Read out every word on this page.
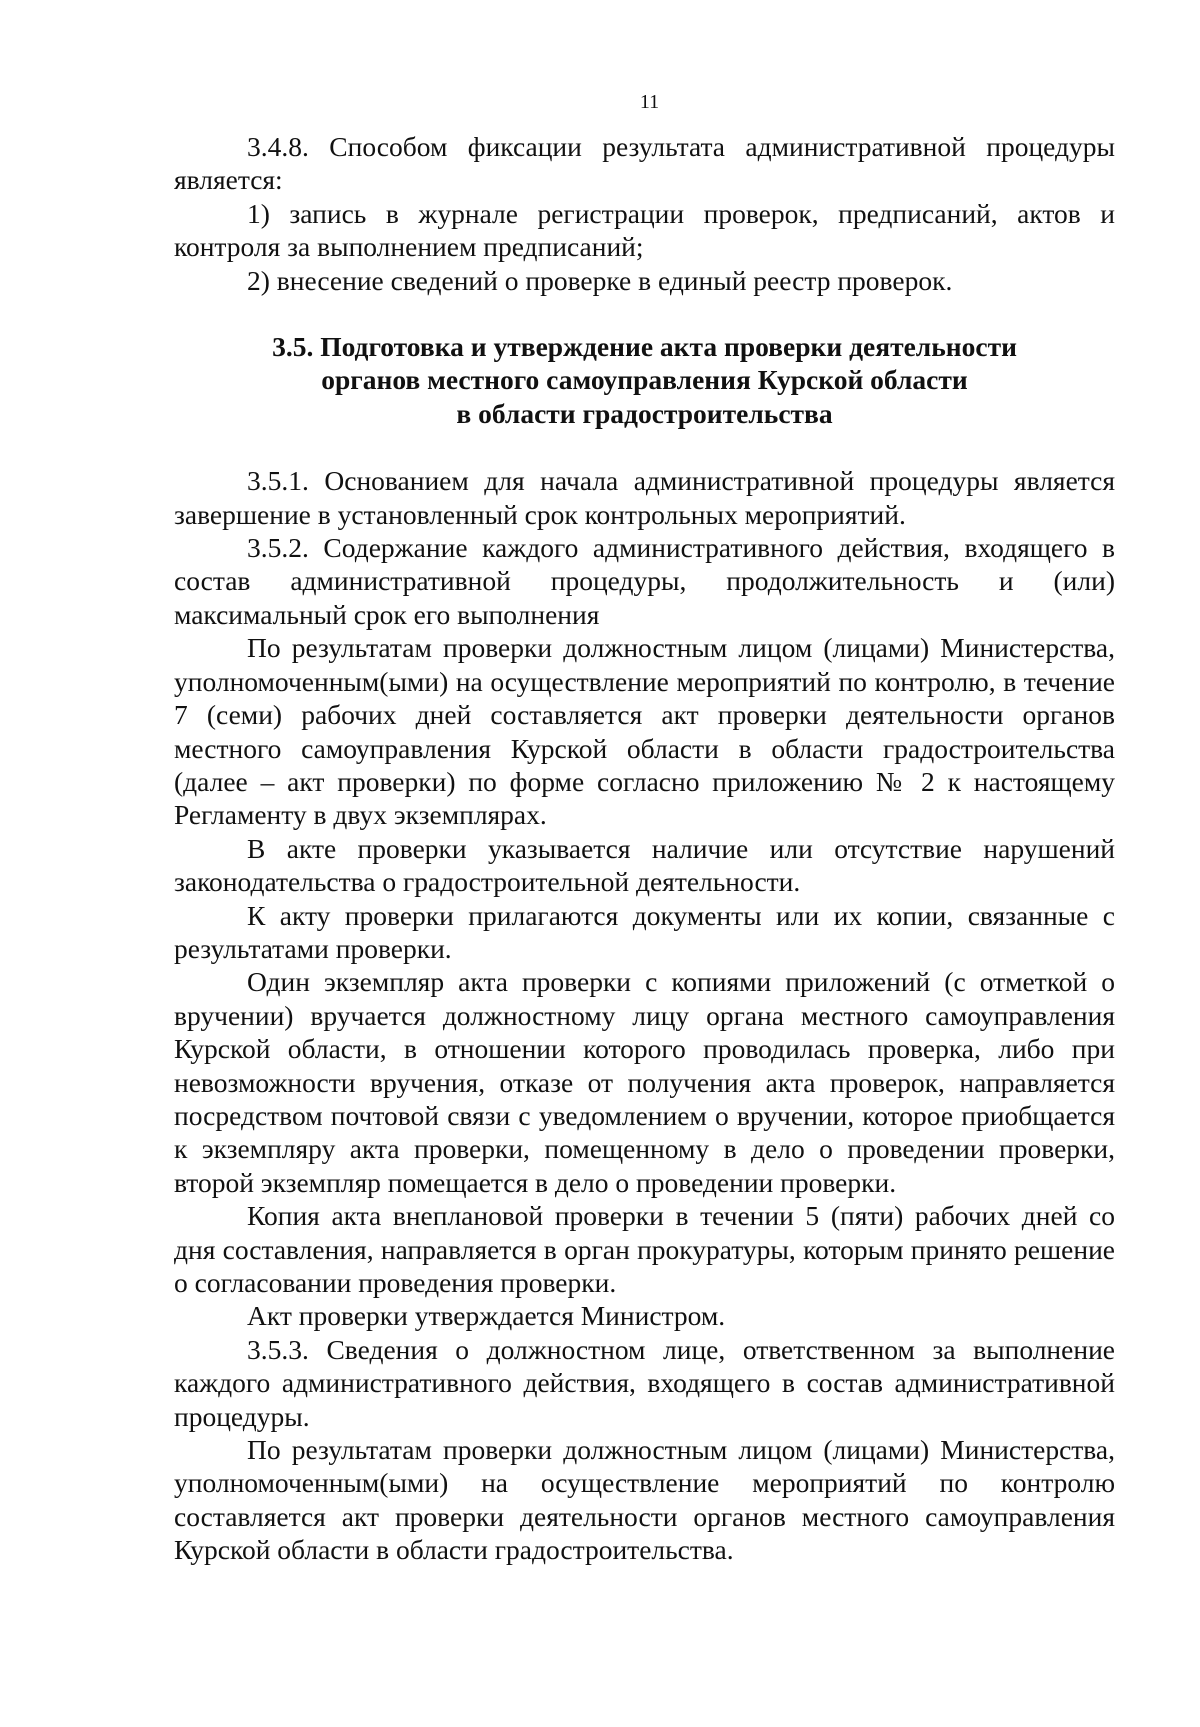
11

3.4.8. Способом фиксации результата административной процедуры является:

1) запись в журнале регистрации проверок, предписаний, актов и контроля за выполнением предписаний;

2) внесение сведений о проверке в единый реестр проверок.

3.5. Подготовка и утверждение акта проверки деятельности
органов местного самоуправления Курской области
в области градостроительства

3.5.1. Основанием для начала административной процедуры является завершение в установленный срок контрольных мероприятий.

3.5.2. Содержание каждого административного действия, входящего в состав административной процедуры, продолжительность и (или) максимальный срок его выполнения

По результатам проверки должностным лицом (лицами) Министерства, уполномоченным(ыми) на осуществление мероприятий по контролю, в течение 7 (семи) рабочих дней составляется акт проверки деятельности органов местного самоуправления Курской области в области градостроительства (далее – акт проверки) по форме согласно приложению № 2 к настоящему Регламенту в двух экземплярах.

В акте проверки указывается наличие или отсутствие нарушений законодательства о градостроительной деятельности.

К акту проверки прилагаются документы или их копии, связанные с результатами проверки.

Один экземпляр акта проверки с копиями приложений (с отметкой о вручении) вручается должностному лицу органа местного самоуправления Курской области, в отношении которого проводилась проверка, либо при невозможности вручения, отказе от получения акта проверок, направляется посредством почтовой связи с уведомлением о вручении, которое приобщается к экземпляру акта проверки, помещенному в дело о проведении проверки, второй экземпляр помещается в дело о проведении проверки.

Копия акта внеплановой проверки в течении 5 (пяти) рабочих дней со дня составления, направляется в орган прокуратуры, которым принято решение о согласовании проведения проверки.

Акт проверки утверждается Министром.

3.5.3. Сведения о должностном лице, ответственном за выполнение каждого административного действия, входящего в состав административной процедуры.

По результатам проверки должностным лицом (лицами) Министерства, уполномоченным(ыми) на осуществление мероприятий по контролю составляется акт проверки деятельности органов местного самоуправления Курской области в области градостроительства.
